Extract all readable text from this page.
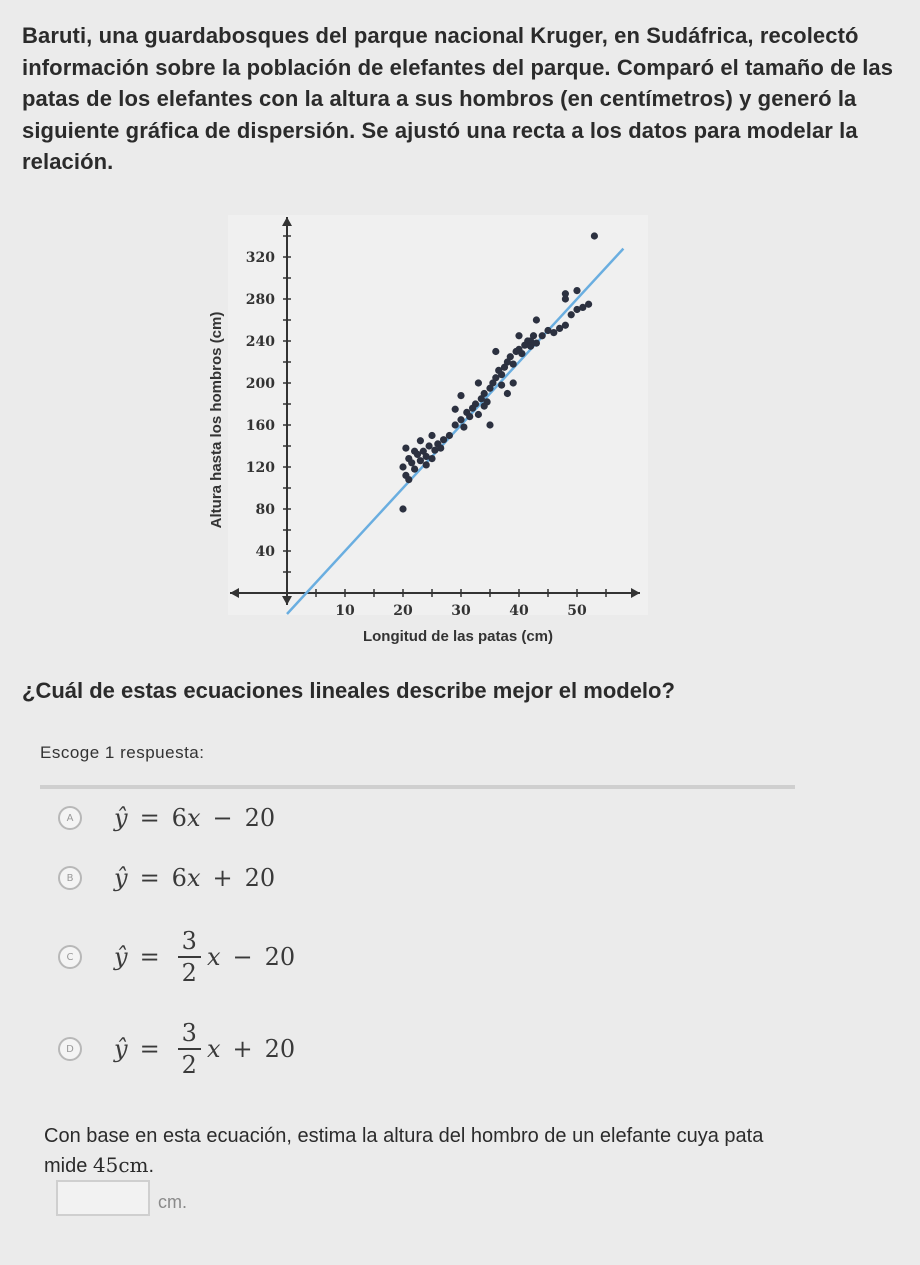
Baruti, una guardabosques del parque nacional Kruger, en Sudáfrica, recolectó información sobre la población de elefantes del parque. Comparó el tamaño de las patas de los elefantes con la altura a sus hombros (en centímetros) y generó la siguiente gráfica de dispersión. Se ajustó una recta a los datos para modelar la relación.
10	20	30	40	50
40
80
120
160
200
240
280
320
Longitud de las patas (cm)
Altura hasta los hombros (cm)
¿Cuál de estas ecuaciones lineales describe mejor el modelo?
Escoge 1 respuesta:
A	ŷ = 6 x − 20
B	ŷ = 6 x + 20
C	ŷ = $\frac{3}{2}$ x − 20
D	ŷ = $\frac{3}{2}$ x + 20
Con base en esta ecuación, estima la altura del hombro de un elefante cuya pata mide 45cm.
cm.
